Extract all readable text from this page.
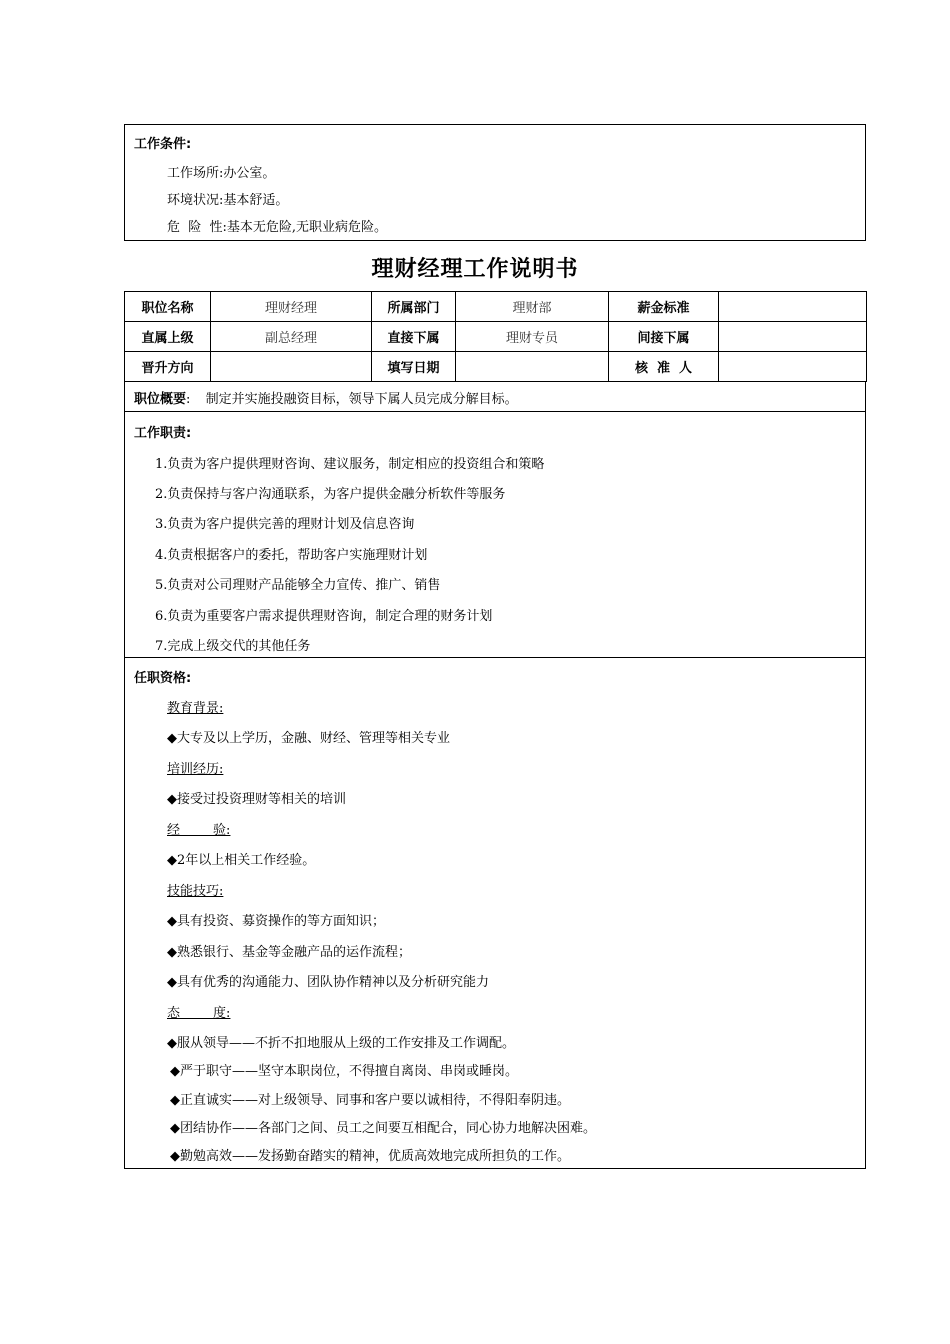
工作条件:
工作场所:办公室。
环境状况:基本舒适。
危  险  性:基本无危险,无职业病危险。
理财经理工作说明书
职位名称	理财经理	所属部门	理财部	薪金标准	
直属上级	副总经理	直接下属	理财专员	间接下属	
晋升方向		填写日期		核  准  人	
职位概要: 制定并实施投融资目标，领导下属人员完成分解目标。
工作职责:
1.负责为客户提供理财咨询、建议服务，制定相应的投资组合和策略
2.负责保持与客户沟通联系，为客户提供金融分析软件等服务
3.负责为客户提供完善的理财计划及信息咨询
4.负责根据客户的委托，帮助客户实施理财计划
5.负责对公司理财产品能够全力宣传、推广、销售
6.负责为重要客户需求提供理财咨询，制定合理的财务计划
7.完成上级交代的其他任务
任职资格:
教育背景:
◆大专及以上学历，金融、财经、管理等相关专业
培训经历:
◆接受过投资理财等相关的培训
经        验:
◆2年以上相关工作经验。
技能技巧:
◆具有投资、募资操作的等方面知识；
◆熟悉银行、基金等金融产品的运作流程；
◆具有优秀的沟通能力、团队协作精神以及分析研究能力
态        度:
◆服从领导——不折不扣地服从上级的工作安排及工作调配。
◆严于职守——坚守本职岗位，不得擅自离岗、串岗或睡岗。
◆正直诚实——对上级领导、同事和客户要以诚相待，不得阳奉阴违。
◆团结协作——各部门之间、员工之间要互相配合，同心协力地解决困难。
◆勤勉高效——发扬勤奋踏实的精神，优质高效地完成所担负的工作。
